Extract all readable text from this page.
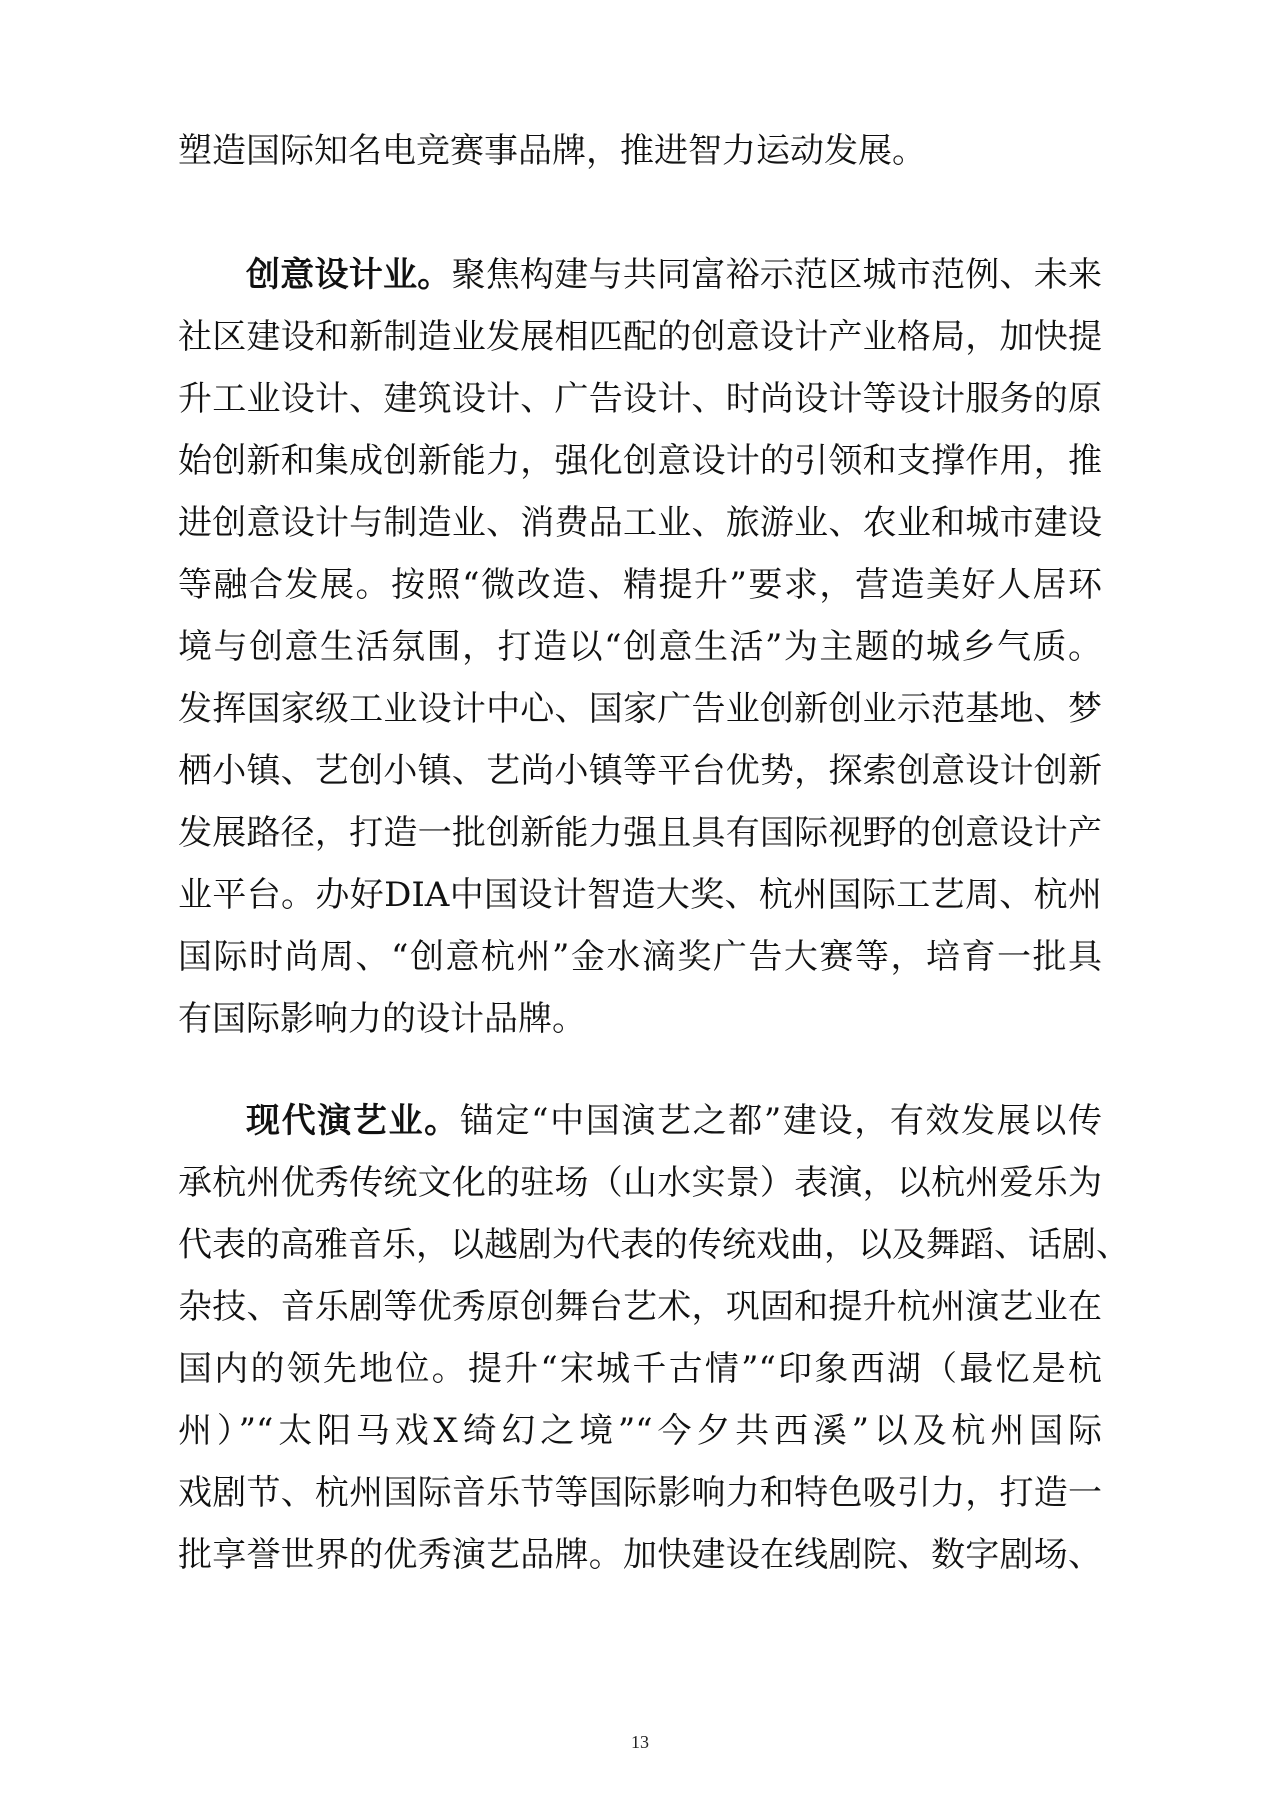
塑造国际知名电竞赛事品牌，推进智力运动发展。
创意设计业。聚焦构建与共同富裕示范区城市范例、未来
社区建设和新制造业发展相匹配的创意设计产业格局，加快提
升工业设计、建筑设计、广告设计、时尚设计等设计服务的原
始创新和集成创新能力，强化创意设计的引领和支撑作用，推
进创意设计与制造业、消费品工业、旅游业、农业和城市建设
等融合发展。按照“微改造、精提升”要求，营造美好人居环
境与创意生活氛围，打造以“创意生活”为主题的城乡气质。
发挥国家级工业设计中心、国家广告业创新创业示范基地、梦
栖小镇、艺创小镇、艺尚小镇等平台优势，探索创意设计创新
发展路径，打造一批创新能力强且具有国际视野的创意设计产
业平台。办好DIA中国设计智造大奖、杭州国际工艺周、杭州
国际时尚周、“创意杭州”金水滴奖广告大赛等，培育一批具
有国际影响力的设计品牌。
现代演艺业。锚定“中国演艺之都”建设，有效发展以传
承杭州优秀传统文化的驻场（山水实景）表演，以杭州爱乐为
代表的高雅音乐，以越剧为代表的传统戏曲，以及舞蹈、话剧、
杂技、音乐剧等优秀原创舞台艺术，巩固和提升杭州演艺业在
国内的领先地位。提升“宋城千古情”“印象西湖（最忆是杭
州）”“太阳马戏X绮幻之境”“今夕共西溪”以及杭州国际
戏剧节、杭州国际音乐节等国际影响力和特色吸引力，打造一
批享誉世界的优秀演艺品牌。加快建设在线剧院、数字剧场、
13
